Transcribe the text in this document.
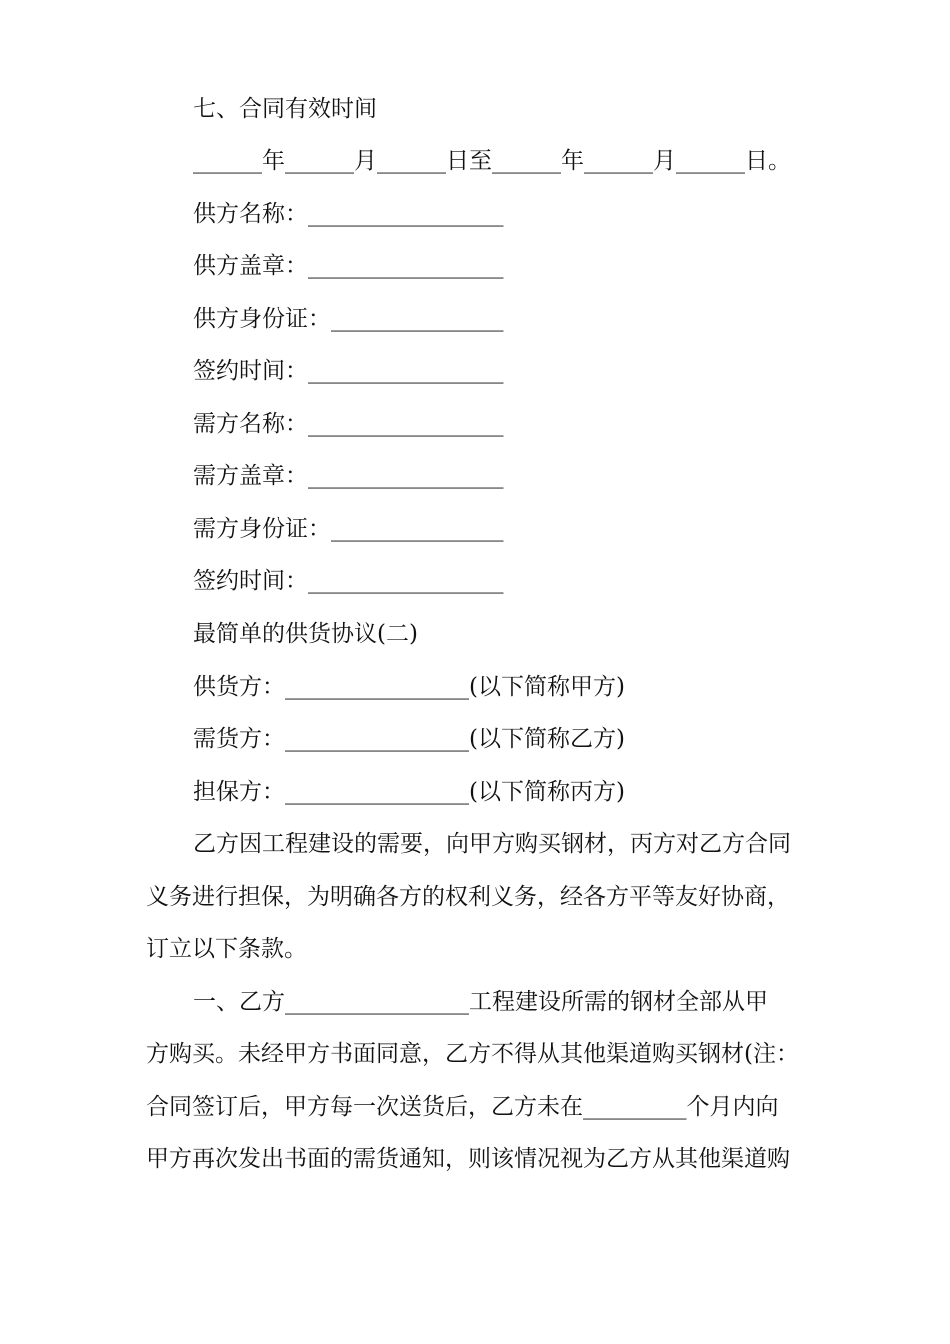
七、合同有效时间
______年______月______日至______年______月______日。
供方名称：_________________
供方盖章：_________________
供方身份证：_______________
签约时间：_________________
需方名称：_________________
需方盖章：_________________
需方身份证：_______________
签约时间：_________________
最简单的供货协议(二)
供货方：________________(以下简称甲方)
需货方：________________(以下简称乙方)
担保方：________________(以下简称丙方)
乙方因工程建设的需要，向甲方购买钢材，丙方对乙方合同
义务进行担保，为明确各方的权利义务，经各方平等友好协商，
订立以下条款。
一、乙方________________工程建设所需的钢材全部从甲
方购买。未经甲方书面同意，乙方不得从其他渠道购买钢材(注：
合同签订后，甲方每一次送货后，乙方未在_________个月内向
甲方再次发出书面的需货通知，则该情况视为乙方从其他渠道购
